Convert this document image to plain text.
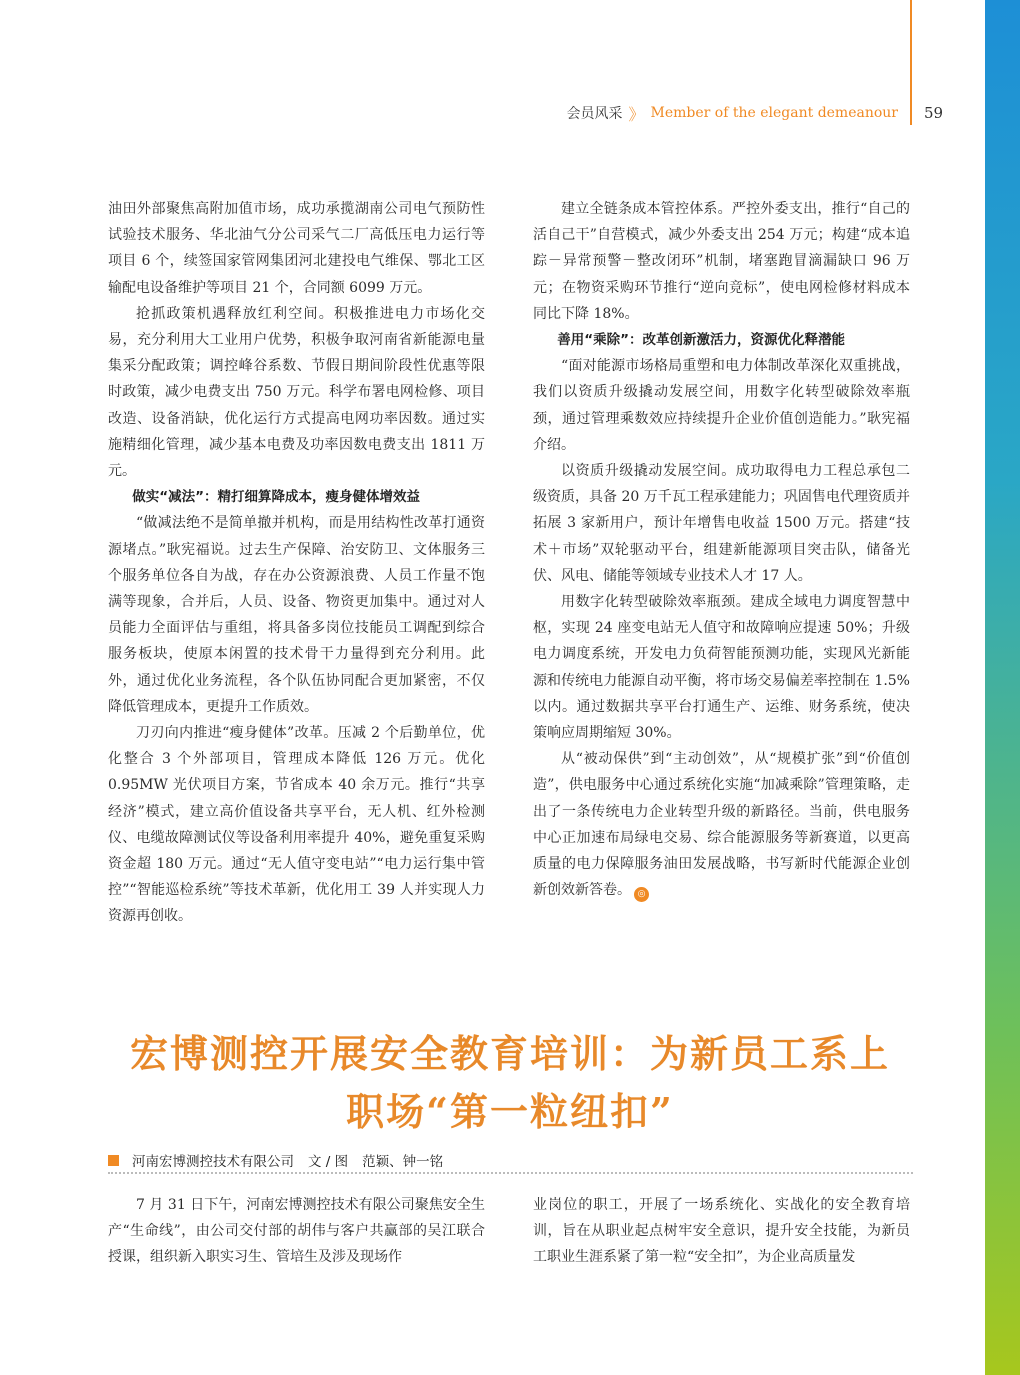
会员风采 》 Member of the elegant demeanour 59

油田外部聚焦高附加值市场，成功承揽湖南公司电气预防性试验技术服务、华北油气分公司采气二厂高低压电力运行等项目 6 个，续签国家管网集团河北建投电气维保、鄂北工区输配电设备维护等项目 21 个，合同额 6099 万元。

抢抓政策机遇释放红利空间。积极推进电力市场化交易，充分利用大工业用户优势，积极争取河南省新能源电量集采分配政策；调控峰谷系数、节假日期间阶段性优惠等限时政策，减少电费支出 750 万元。科学布署电网检修、项目改造、设备消缺，优化运行方式提高电网功率因数。通过实施精细化管理，减少基本电费及功率因数电费支出 1811 万元。

做实“减法”：精打细算降成本，瘦身健体增效益

“做减法绝不是简单撤并机构，而是用结构性改革打通资源堵点。”耿宪福说。过去生产保障、治安防卫、文体服务三个服务单位各自为战，存在办公资源浪费、人员工作量不饱满等现象，合并后，人员、设备、物资更加集中。通过对人员能力全面评估与重组，将具备多岗位技能员工调配到综合服务板块，使原本闲置的技术骨干力量得到充分利用。此外，通过优化业务流程，各个队伍协同配合更加紧密，不仅降低管理成本，更提升工作质效。

刀刃向内推进“瘦身健体”改革。压减 2 个后勤单位，优化整合 3 个外部项目，管理成本降低 126 万元。优化 0.95MW 光伏项目方案，节省成本 40 余万元。推行“共享经济”模式，建立高价值设备共享平台，无人机、红外检测仪、电缆故障测试仪等设备利用率提升 40%，避免重复采购资金超 180 万元。通过“无人值守变电站”“电力运行集中管控”“智能巡检系统”等技术革新，优化用工 39 人并实现人力资源再创收。

建立全链条成本管控体系。严控外委支出，推行“自己的活自己干”自营模式，减少外委支出 254 万元；构建“成本追踪－异常预警－整改闭环”机制，堵塞跑冒滴漏缺口 96 万元；在物资采购环节推行“逆向竞标”，使电网检修材料成本同比下降 18%。

善用“乘除”：改革创新激活力，资源优化释潜能

“面对能源市场格局重塑和电力体制改革深化双重挑战，我们以资质升级撬动发展空间，用数字化转型破除效率瓶颈，通过管理乘数效应持续提升企业价值创造能力。”耿宪福介绍。

以资质升级撬动发展空间。成功取得电力工程总承包二级资质，具备 20 万千瓦工程承建能力；巩固售电代理资质并拓展 3 家新用户，预计年增售电收益 1500 万元。搭建“技术＋市场”双轮驱动平台，组建新能源项目突击队，储备光伏、风电、储能等领域专业技术人才 17 人。

用数字化转型破除效率瓶颈。建成全域电力调度智慧中枢，实现 24 座变电站无人值守和故障响应提速 50%；升级电力调度系统，开发电力负荷智能预测功能，实现风光新能源和传统电力能源自动平衡，将市场交易偏差率控制在 1.5% 以内。通过数据共享平台打通生产、运维、财务系统，使决策响应周期缩短 30%。

从“被动保供”到“主动创效”，从“规模扩张”到“价值创造”，供电服务中心通过系统化实施“加减乘除”管理策略，走出了一条传统电力企业转型升级的新路径。当前，供电服务中心正加速布局绿电交易、综合能源服务等新赛道，以更高质量的电力保障服务油田发展战略，书写新时代能源企业创新创效新答卷。 ◎

宏博测控开展安全教育培训：为新员工系上
职场“第一粒纽扣”
河南宏博测控技术有限公司 文 / 图 范颖、钟一铭

7 月 31 日下午，河南宏博测控技术有限公司聚焦安全生产“生命线”，由公司交付部的胡伟与客户共赢部的吴江联合授课，组织新入职实习生、管培生及涉及现场作

业岗位的职工，开展了一场系统化、实战化的安全教育培训，旨在从职业起点树牢安全意识，提升安全技能，为新员工职业生涯系紧了第一粒“安全扣”，为企业高质量发
